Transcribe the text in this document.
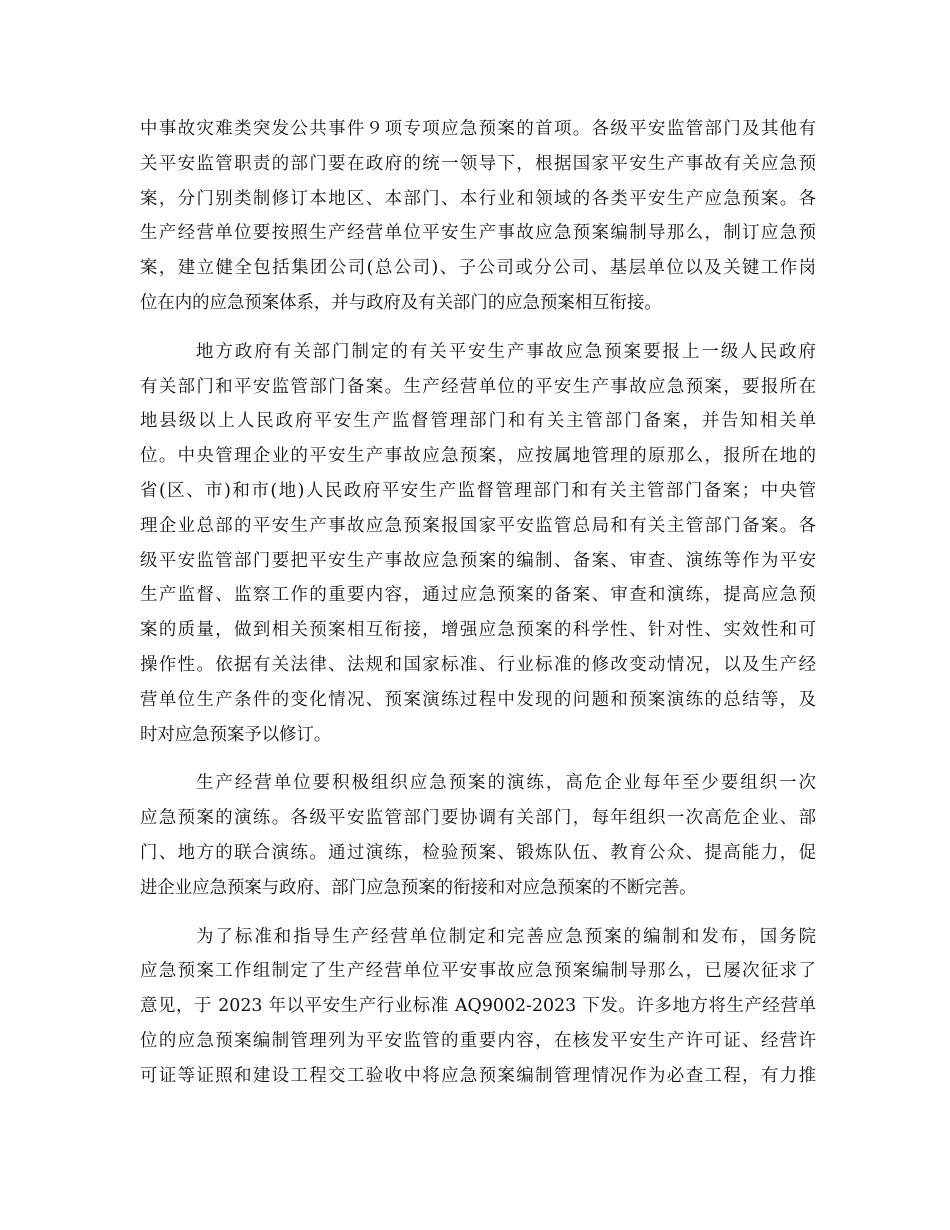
中事故灾难类突发公共事件９项专项应急预案的首项。各级平安监管部门及其他有
关平安监管职责的部门要在政府的统一领导下，根据国家平安生产事故有关应急预
案，分门别类制修订本地区、本部门、本行业和领域的各类平安生产应急预案。各
生产经营单位要按照生产经营单位平安生产事故应急预案编制导那么，制订应急预
案，建立健全包括集团公司(总公司)、子公司或分公司、基层单位以及关键工作岗
位在内的应急预案体系，并与政府及有关部门的应急预案相互衔接。
地方政府有关部门制定的有关平安生产事故应急预案要报上一级人民政府
有关部门和平安监管部门备案。生产经营单位的平安生产事故应急预案，要报所在
地县级以上人民政府平安生产监督管理部门和有关主管部门备案，并告知相关单
位。中央管理企业的平安生产事故应急预案，应按属地管理的原那么，报所在地的
省(区、市)和市(地)人民政府平安生产监督管理部门和有关主管部门备案；中央管
理企业总部的平安生产事故应急预案报国家平安监管总局和有关主管部门备案。各
级平安监管部门要把平安生产事故应急预案的编制、备案、审查、演练等作为平安
生产监督、监察工作的重要内容，通过应急预案的备案、审查和演练，提高应急预
案的质量，做到相关预案相互衔接，增强应急预案的科学性、针对性、实效性和可
操作性。依据有关法律、法规和国家标准、行业标准的修改变动情况，以及生产经
营单位生产条件的变化情况、预案演练过程中发现的问题和预案演练的总结等，及
时对应急预案予以修订。
生产经营单位要积极组织应急预案的演练，高危企业每年至少要组织一次
应急预案的演练。各级平安监管部门要协调有关部门，每年组织一次高危企业、部
门、地方的联合演练。通过演练，检验预案、锻炼队伍、教育公众、提高能力，促
进企业应急预案与政府、部门应急预案的衔接和对应急预案的不断完善。
为了标准和指导生产经营单位制定和完善应急预案的编制和发布，国务院
应急预案工作组制定了生产经营单位平安事故应急预案编制导那么，已屡次征求了
意见，于 2023 年以平安生产行业标准 AQ9002-2023 下发。许多地方将生产经营单
位的应急预案编制管理列为平安监管的重要内容，在核发平安生产许可证、经营许
可证等证照和建设工程交工验收中将应急预案编制管理情况作为必查工程，有力推
